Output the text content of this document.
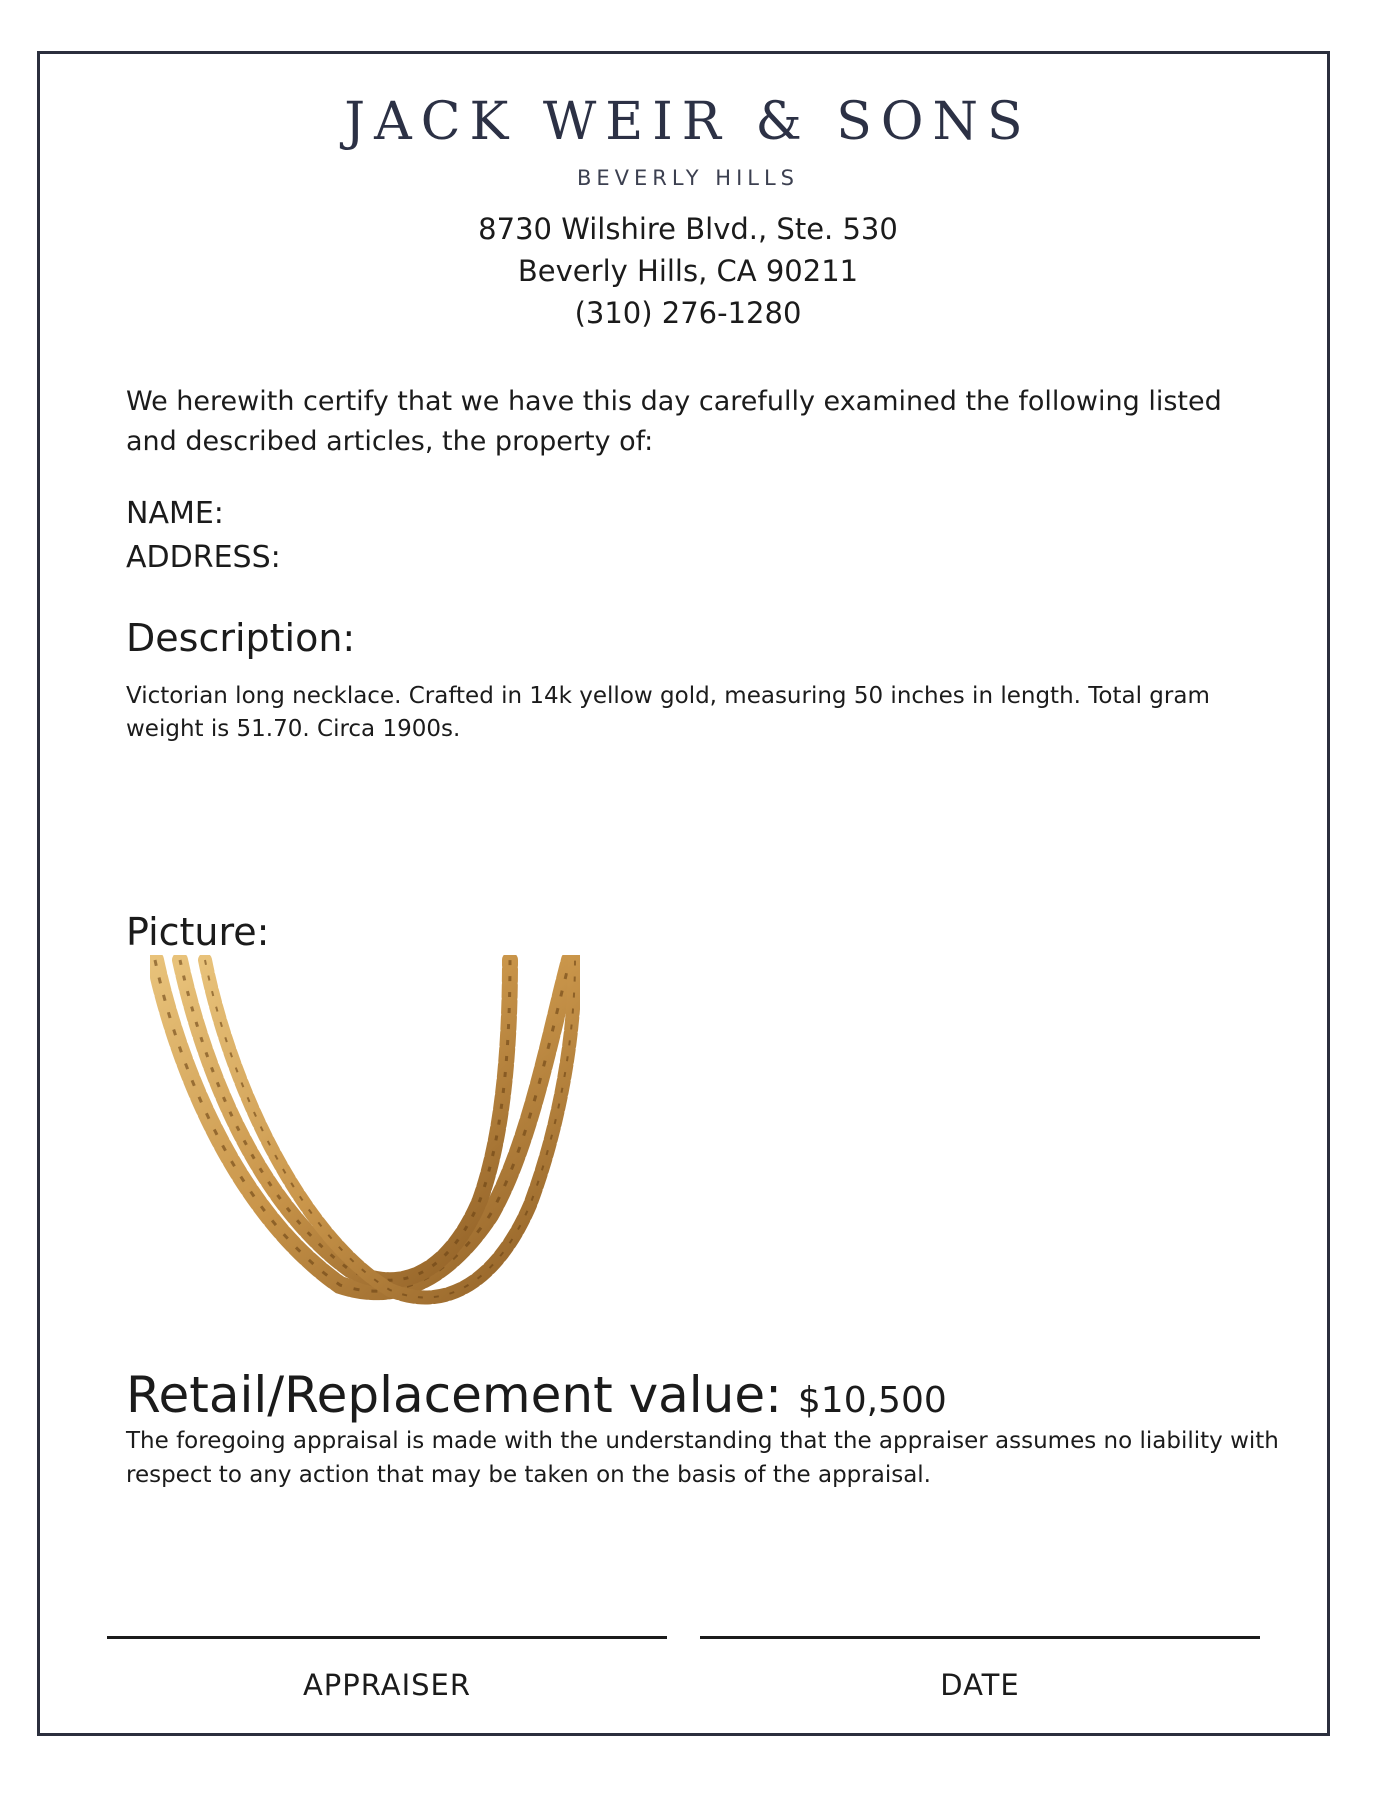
JACK WEIR & SONS
BEVERLY HILLS
8730 Wilshire Blvd., Ste. 530
Beverly Hills, CA 90211
(310) 276-1280
We herewith certify that we have this day carefully examined the following listed and described articles, the property of:
NAME:
ADDRESS:
Description:
Victorian long necklace. Crafted in 14k yellow gold, measuring 50 inches in length. Total gram weight is 51.70. Circa 1900s.
Picture:
Retail/Replacement value: $10,500
The foregoing appraisal is made with the understanding that the appraiser assumes no liability with respect to any action that may be taken on the basis of the appraisal.
APPRAISER	DATE
